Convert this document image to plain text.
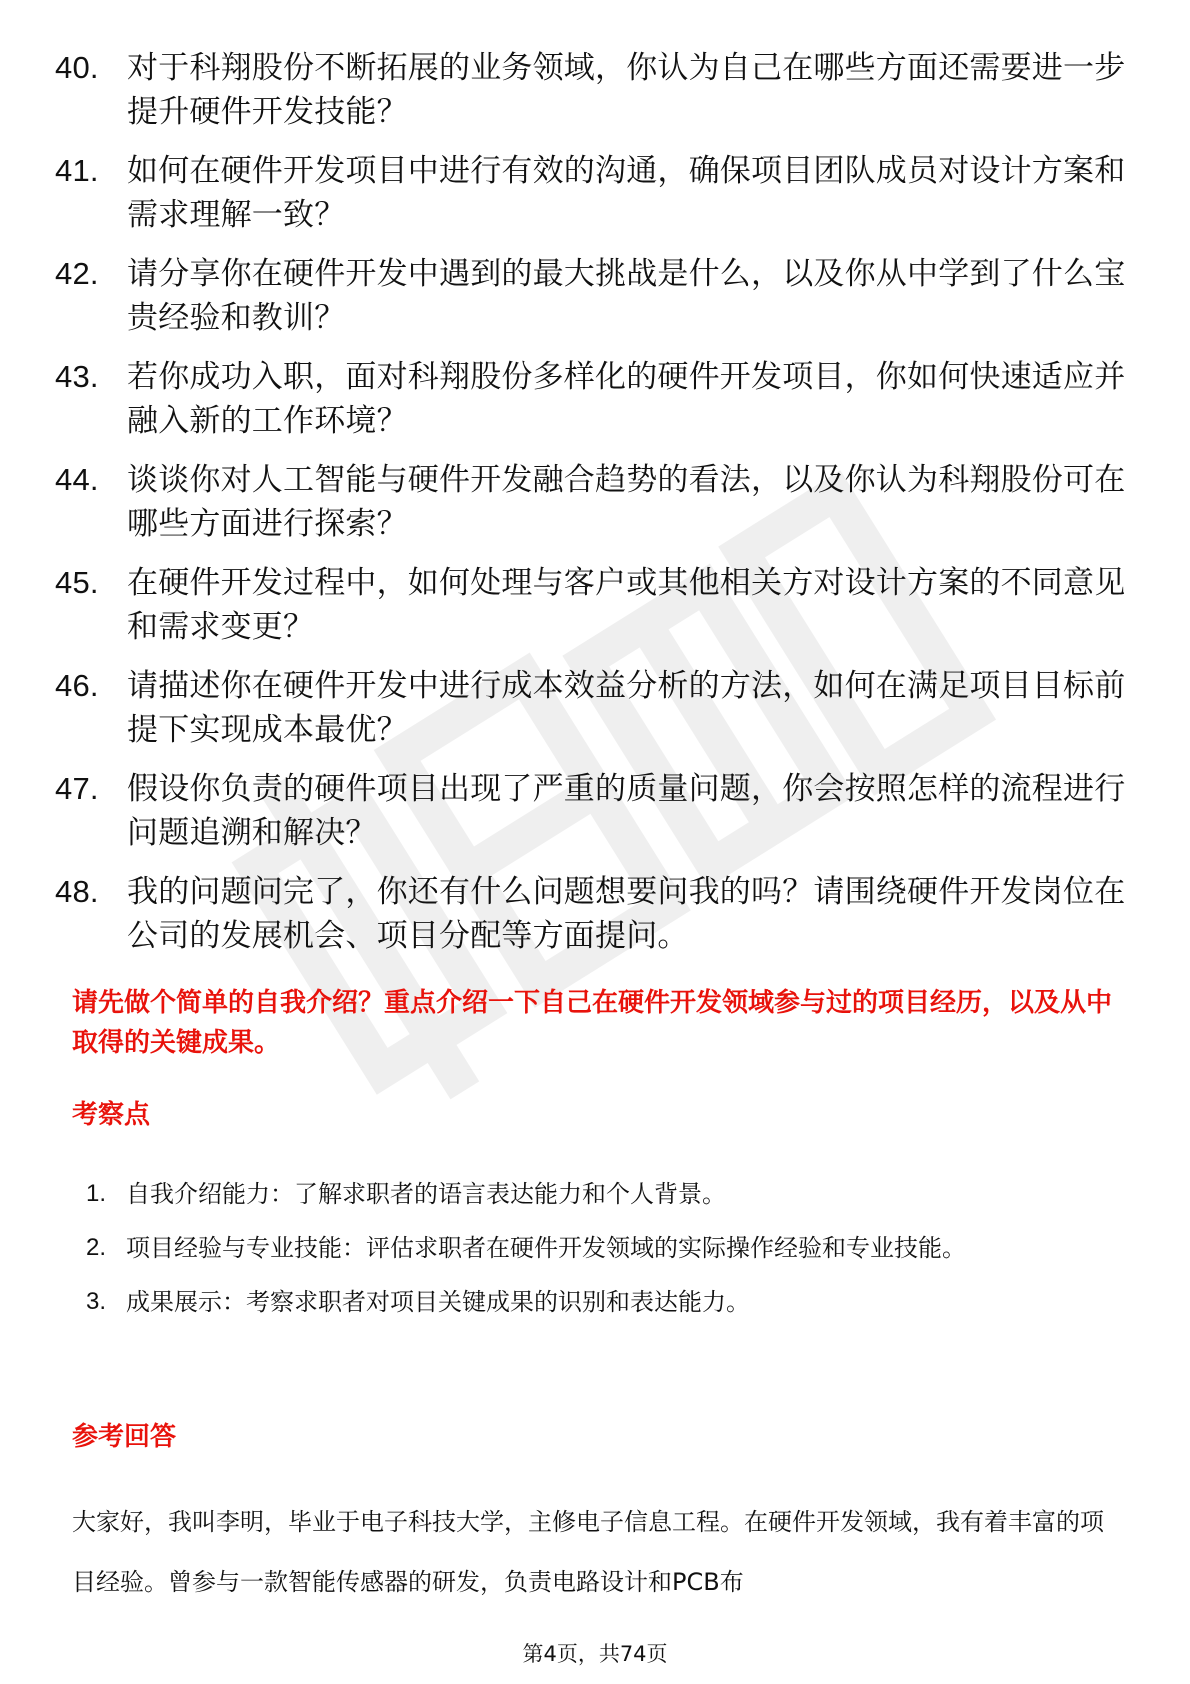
40. 对于科翔股份不断拓展的业务领域，你认为自己在哪些方面还需要进一步提升硬件开发技能？
41. 如何在硬件开发项目中进行有效的沟通，确保项目团队成员对设计方案和需求理解一致？
42. 请分享你在硬件开发中遇到的最大挑战是什么，以及你从中学到了什么宝贵经验和教训？
43. 若你成功入职，面对科翔股份多样化的硬件开发项目，你如何快速适应并融入新的工作环境？
44. 谈谈你对人工智能与硬件开发融合趋势的看法，以及你认为科翔股份可在哪些方面进行探索？
45. 在硬件开发过程中，如何处理与客户或其他相关方对设计方案的不同意见和需求变更？
46. 请描述你在硬件开发中进行成本效益分析的方法，如何在满足项目目标前提下实现成本最优？
47. 假设你负责的硬件项目出现了严重的质量问题，你会按照怎样的流程进行问题追溯和解决？
48. 我的问题问完了，你还有什么问题想要问我的吗？请围绕硬件开发岗位在公司的发展机会、项目分配等方面提问。

请先做个简单的自我介绍？重点介绍一下自己在硬件开发领域参与过的项目经历，以及从中取得的关键成果。

考察点
1. 自我介绍能力：了解求职者的语言表达能力和个人背景。
2. 项目经验与专业技能：评估求职者在硬件开发领域的实际操作经验和专业技能。
3. 成果展示：考察求职者对项目关键成果的识别和表达能力。
参考回答

大家好，我叫李明，毕业于电子科技大学，主修电子信息工程。在硬件开发领域，我有着丰富的项目经验。曾参与一款智能传感器的研发，负责电路设计和PCB布

第4页，共74页
